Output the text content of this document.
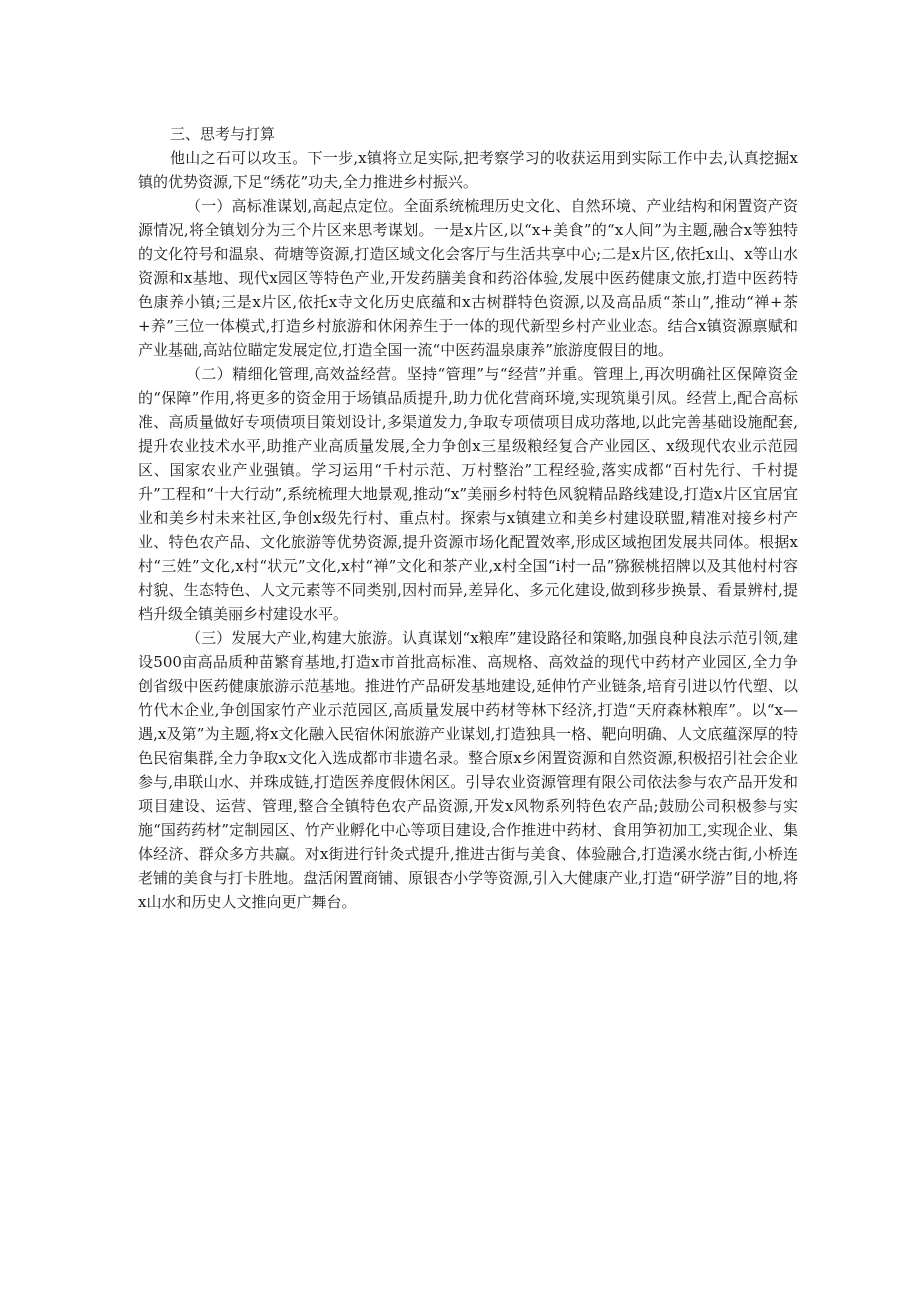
三、思考与打算

他山之石可以攻玉。下一步,x镇将立足实际,把考察学习的收获运用到实际工作中去,认真挖掘x镇的优势资源,下足“绣花”功夫,全力推进乡村振兴。

（一）高标准谋划,高起点定位。全面系统梳理历史文化、自然环境、产业结构和闲置资产资源情况,将全镇划分为三个片区来思考谋划。一是x片区,以“x+美食”的“x人间”为主题,融合x等独特的文化符号和温泉、荷塘等资源,打造区域文化会客厅与生活共享中心;二是x片区,依托x山、x等山水资源和x基地、现代x园区等特色产业,开发药膳美食和药浴体验,发展中医药健康文旅,打造中医药特色康养小镇;三是x片区,依托x寺文化历史底蕴和x古树群特色资源,以及高品质“茶山”,推动“禅+茶+养”三位一体模式,打造乡村旅游和休闲养生于一体的现代新型乡村产业业态。结合x镇资源禀赋和产业基础,高站位瞄定发展定位,打造全国一流“中医药温泉康养”旅游度假目的地。

（二）精细化管理,高效益经营。坚持“管理”与“经营”并重。管理上,再次明确社区保障资金的“保障”作用,将更多的资金用于场镇品质提升,助力优化营商环境,实现筑巢引凤。经营上,配合高标准、高质量做好专项债项目策划设计,多渠道发力,争取专项债项目成功落地,以此完善基础设施配套,提升农业技术水平,助推产业高质量发展,全力争创x三星级粮经复合产业园区、x级现代农业示范园区、国家农业产业强镇。学习运用“千村示范、万村整治”工程经验,落实成都“百村先行、千村提升”工程和“十大行动”,系统梳理大地景观,推动“x”美丽乡村特色风貌精品路线建设,打造x片区宜居宜业和美乡村未来社区,争创x级先行村、重点村。探索与x镇建立和美乡村建设联盟,精准对接乡村产业、特色农产品、文化旅游等优势资源,提升资源市场化配置效率,形成区域抱团发展共同体。根据x村“三姓”文化,x村“状元”文化,x村“禅”文化和茶产业,x村全国“i村一品”猕猴桃招牌以及其他村村容村貌、生态特色、人文元素等不同类别,因村而异,差异化、多元化建设,做到移步换景、看景辨村,提档升级全镇美丽乡村建设水平。

（三）发展大产业,构建大旅游。认真谋划“x粮库”建设路径和策略,加强良种良法示范引领,建设500亩高品质种苗繁育基地,打造x市首批高标准、高规格、高效益的现代中药材产业园区,全力争创省级中医药健康旅游示范基地。推进竹产品研发基地建设,延伸竹产业链条,培育引进以竹代塑、以竹代木企业,争创国家竹产业示范园区,高质量发展中药材等林下经济,打造“天府森林粮库”。以“x—遇,x及第”为主题,将x文化融入民宿休闲旅游产业谋划,打造独具一格、靶向明确、人文底蕴深厚的特色民宿集群,全力争取x文化入选成都市非遗名录。整合原x乡闲置资源和自然资源,积极招引社会企业参与,串联山水、并珠成链,打造医养度假休闲区。引导农业资源管理有限公司依法参与农产品开发和项目建设、运营、管理,整合全镇特色农产品资源,开发x风物系列特色农产品;鼓励公司积极参与实施“国药药材”定制园区、竹产业孵化中心等项目建设,合作推进中药材、食用笋初加工,实现企业、集体经济、群众多方共赢。对x街进行针灸式提升,推进古街与美食、体验融合,打造溪水绕古街,小桥连老铺的美食与打卡胜地。盘活闲置商铺、原银杏小学等资源,引入大健康产业,打造“研学游”目的地,将x山水和历史人文推向更广舞台。
